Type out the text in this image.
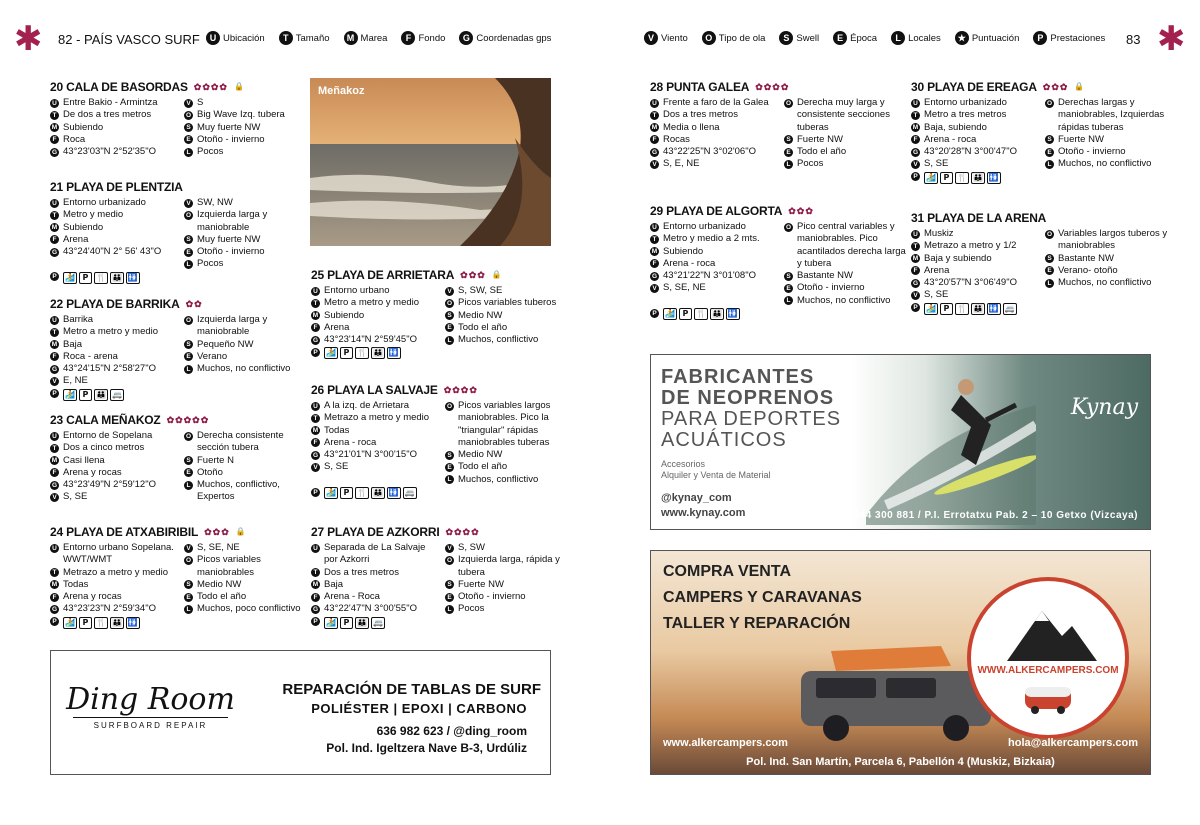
✱ 82 - PAÍS VASCO SURF	U Ubicación	T Tamaño	M Marea	F Fondo	G Coordenadas gps	V Viento	O Tipo de ola	S Swell	E Época	L Locales	★ Puntuación	P Prestaciones 83 ✱
20 CALA DE BASORDAS ✿✿✿✿ 🔒
U Entre Bakio - Armintza
T De dos a tres metros
M Subiendo
F Roca
G 43°23'03"N 2°52'35"O
V S
O Big Wave Izq. tubera
S Muy fuerte NW
E Otoño - invierno
L Pocos
21 PLAYA DE PLENTZIA
U Entorno urbanizado
T Metro y medio
M Subiendo
F Arena
G 43°24'40"N 2° 56' 43"O
V SW, NW
O Izquierda larga y maniobrable
S Muy fuerte NW
E Otoño - invierno
L Pocos
P 🏄 P 🍴 👪 🚻
22 PLAYA DE BARRIKA ✿✿
U Barrika
T Metro a metro y medio
M Baja
F Roca - arena
G 43°24'15"N 2°58'27"O
V E, NE
O Izquierda larga y maniobrable
S Pequeño NW
E Verano
L Muchos, no conflictivo
P 🏄 P 👪 🚐
23 CALA MEÑAKOZ ✿✿✿✿✿
U Entorno de Sopelana
T Dos a cinco metros
M Casi llena
F Arena y rocas
G 43°23'49"N 2°59'12"O
V S, SE
O Derecha consistente sección tubera
S Fuerte N
E Otoño
L Muchos, conflictivo, Expertos
24 PLAYA DE ATXABIRIBIL ✿✿✿ 🔒
U Entorno urbano Sopelana. WWT/WMT
T Metrazo a metro y medio
M Todas
F Arena y rocas
G 43°23'23"N 2°59'34"O
V S, SE, NE
O Picos variables maniobrables
S Medio NW
E Todo el año
L Muchos, poco conflictivo
P 🏄 P 🍴 👪 🚻
25 PLAYA DE ARRIETARA ✿✿✿ 🔒
U Entorno urbano
T Metro a metro y medio
M Subiendo
F Arena
G 43°23'14"N 2°59'45"O
V S, SW, SE
O Picos variables tuberos
S Medio NW
E Todo el año
L Muchos, conflictivo
P 🏄 P 🍴 👪 🚻
26 PLAYA LA SALVAJE ✿✿✿✿
U A la izq. de Arrietara
T Metrazo a metro y medio
M Todas
F Arena - roca
G 43°21'01"N 3°00'15"O
V S, SE
O Picos variables largos maniobrables. Pico la "triangular" rápidas maniobrables tuberas
S Medio NW
E Todo el año
L Muchos, conflictivo
P 🏄 P 🍴 👪 🚻 🚐
27 PLAYA DE AZKORRI ✿✿✿✿
U Separada de La Salvaje por Azkorri
T Dos a tres metros
M Baja
F Arena - Roca
G 43°22'47"N 3°00'55"O
V S, SW
O Izquierda larga, rápida y tubera
S Fuerte NW
E Otoño - invierno
L Pocos
P 🏄 P 👪 🚐
28 PUNTA GALEA ✿✿✿✿
U Frente a faro de la Galea
T Dos a tres metros
M Media o llena
F Rocas
G 43°22'25"N 3°02'06"O
V S, E, NE
O Derecha muy larga y consistente secciones tuberas
S Fuerte NW
E Todo el año
L Pocos
29 PLAYA DE ALGORTA ✿✿✿
U Entorno urbanizado
T Metro y medio a 2 mts.
M Subiendo
F Arena - roca
G 43°21'22"N 3°01'08"O
V S, SE, NE
O Pico central variables y maniobrables. Pico acantilados derecha larga y tubera
S Bastante NW
E Otoño - invierno
L Muchos, no conflictivo
P 🏄 P 🍴 👪 🚻
30 PLAYA DE EREAGA ✿✿✿ 🔒
U Entorno urbanizado
T Metro a tres metros
M Baja, subiendo
F Arena - roca
G 43°20'28"N 3°00'47"O
V S, SE
O Derechas largas y maniobrables, Izquierdas rápidas tuberas
S Fuerte NW
E Otoño - invierno
L Muchos, no conflictivo
P 🏄 P 🍴 👪 🚻
31 PLAYA DE LA ARENA
U Muskiz
T Metrazo a metro y 1/2
M Baja y subiendo
F Arena
G 43°20'57"N 3°06'49"O
V S, SE
O Variables largos tuberos y maniobrables
S Bastante NW
E Verano- otoño
L Muchos, no conflictivo
P 🏄 P 🍴 👪 🚻 🚐
Meñakoz
Ding Room
SURFBOARD REPAIR
REPARACIÓN DE TABLAS DE SURF
POLIÉSTER | EPOXI | CARBONO
636 982 623 / @ding_room
Pol. Ind. Igeltzera Nave B-3, Urdúliz
FABRICANTES
DE NEOPRENOS
PARA DEPORTES
ACUÁTICOS
Accesorios
Alquiler y Venta de Material
@kynay_com
www.kynay.com
Kynay
944 300 881 / P.I. Errotatxu Pab. 2 – 10 Getxo (Vizcaya)
COMPRA VENTA
CAMPERS Y CARAVANAS
TALLER Y REPARACIÓN
WWW.ALKERCAMPERS.COM
www.alkercampers.com	hola@alkercampers.com
Pol. Ind. San Martín, Parcela 6, Pabellón 4 (Muskiz, Bizkaia)
